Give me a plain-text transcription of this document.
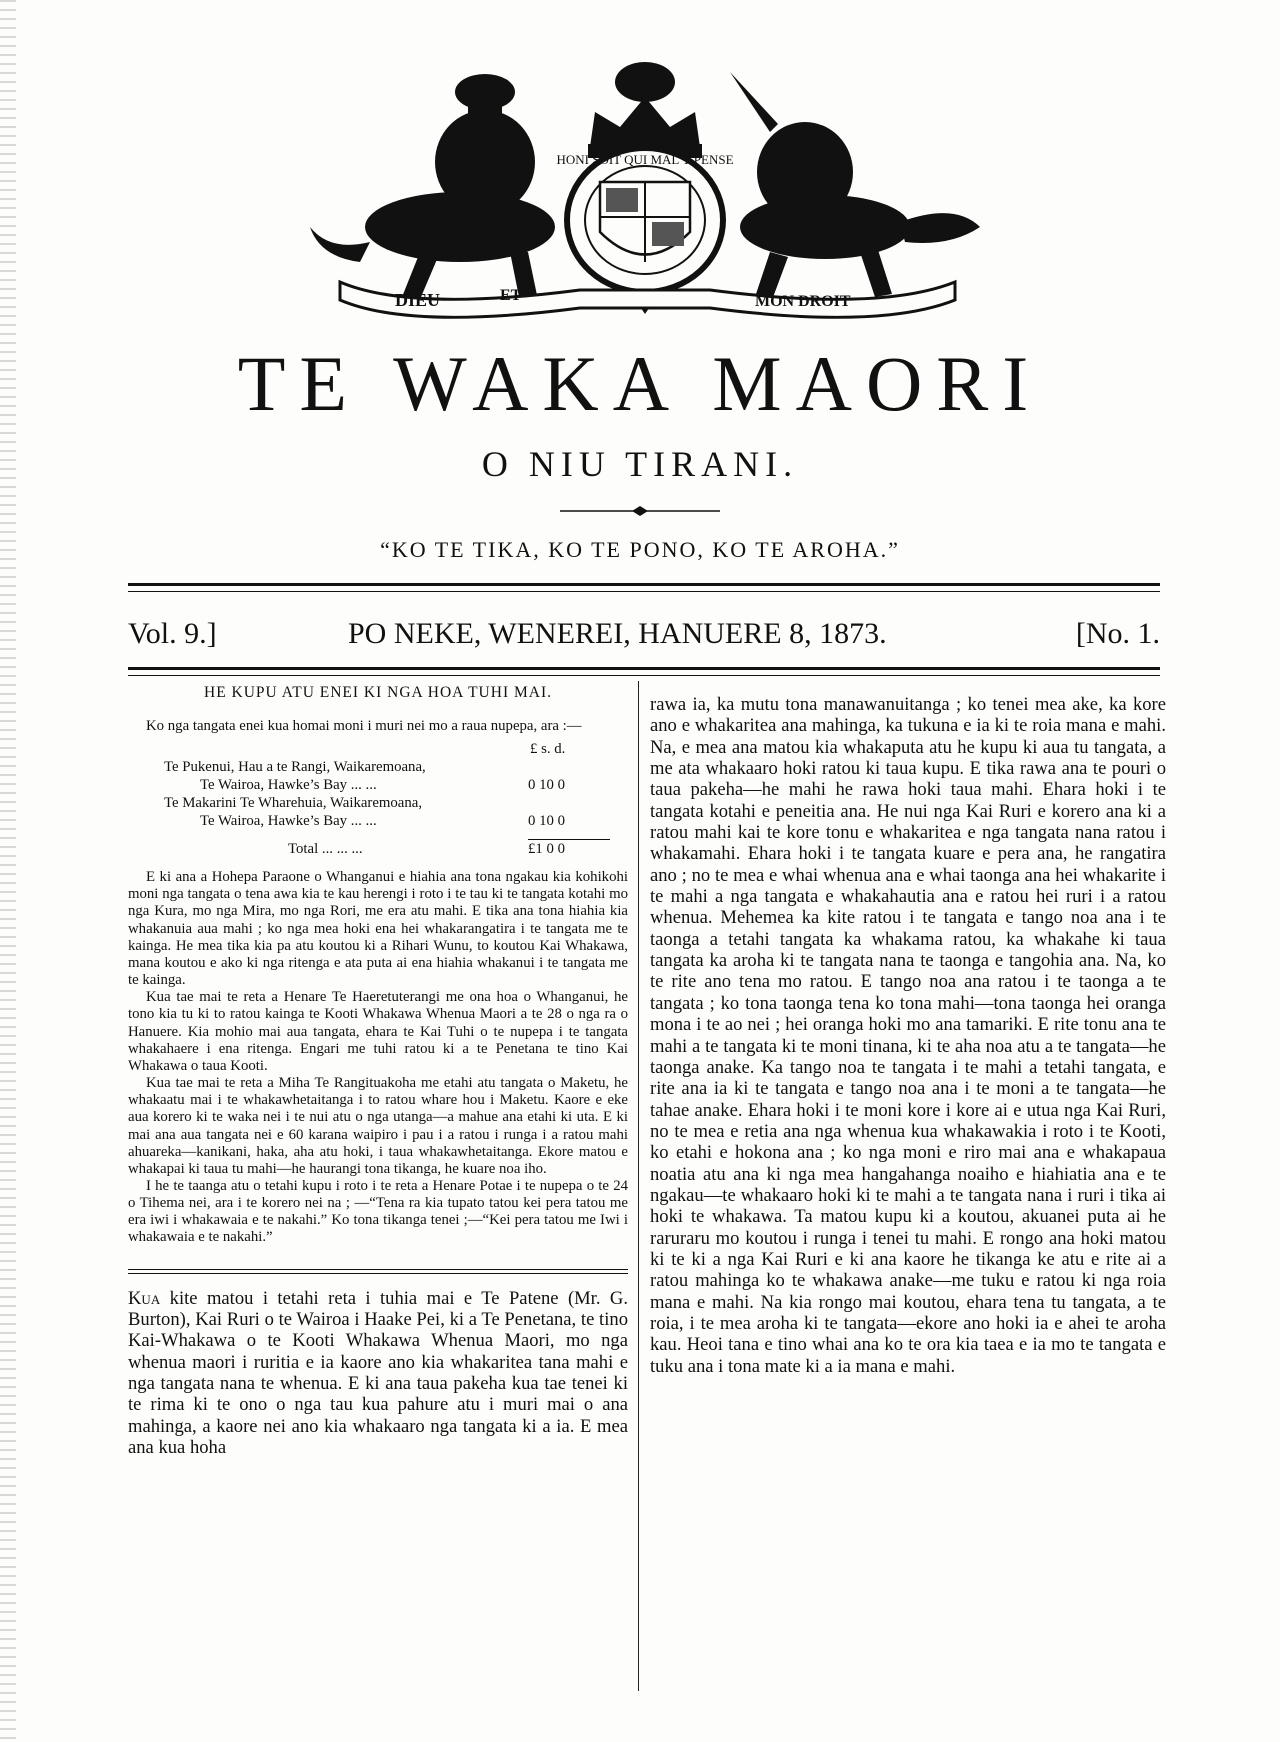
HONI SOIT QUI MAL Y PENSE
DIEU	ET	MON DROIT
TE WAKA MAORI
O NIU TIRANI.
“KO TE TIKA, KO TE PONO, KO TE AROHA.”
Vol. 9.]	PO NEKE, WENEREI, HANUERE 8, 1873.	[No. 1.
HE KUPU ATU ENEI KI NGA HOA TUHI MAI.

Ko nga tangata enei kua homai moni i muri nei mo a raua nupepa, ara :—

£ s. d.
Te Pukenui, Hau a te Rangi, Waikaremoana,
Te Wairoa, Hawke’s Bay ... ...	0 10 0
Te Makarini Te Wharehuia, Waikaremoana,
Te Wairoa, Hawke’s Bay ... ...	0 10 0
Total ... ... ...	£1 0 0

E ki ana a Hohepa Paraone o Whanganui e hiahia ana tona ngakau kia kohikohi moni nga tangata o tena awa kia te kau herengi i roto i te tau ki te tangata kotahi mo nga Kura, mo nga Mira, mo nga Rori, me era atu mahi. E tika ana tona hiahia kia whakanuia aua mahi ; ko nga mea hoki ena hei whakarangatira i te tangata me te kainga. He mea tika kia pa atu koutou ki a Rihari Wunu, to koutou Kai Whakawa, mana koutou e ako ki nga ritenga e ata puta ai ena hiahia whakanui i te tangata me te kainga.

Kua tae mai te reta a Henare Te Haeretuterangi me ona hoa o Whanganui, he tono kia tu ki to ratou kainga te Kooti Whakawa Whenua Maori a te 28 o nga ra o Hanuere. Kia mohio mai aua tangata, ehara te Kai Tuhi o te nupepa i te tangata whakahaere i ena ritenga. Engari me tuhi ratou ki a te Penetana te tino Kai Whakawa o taua Kooti.

Kua tae mai te reta a Miha Te Rangituakoha me etahi atu tangata o Maketu, he whakaatu mai i te whakawhetaitanga i to ratou whare hou i Maketu. Kaore e eke aua korero ki te waka nei i te nui atu o nga utanga—a mahue ana etahi ki uta. E ki mai ana aua tangata nei e 60 karana waipiro i pau i a ratou i runga i a ratou mahi ahuareka—kanikani, haka, aha atu hoki, i taua whakawhetaitanga. Ekore matou e whakapai ki taua tu mahi—he haurangi tona tikanga, he kuare noa iho.

I he te taanga atu o tetahi kupu i roto i te reta a Henare Potae i te nupepa o te 24 o Tihema nei, ara i te korero nei na ; —“Tena ra kia tupato tatou kei pera tatou me era iwi i whakawaia e te nakahi.” Ko tona tikanga tenei ;—“Kei pera tatou me Iwi i whakawaia e te nakahi.”

Kua kite matou i tetahi reta i tuhia mai e Te Patene (Mr. G. Burton), Kai Ruri o te Wairoa i Haake Pei, ki a Te Penetana, te tino Kai-Whakawa o te Kooti Whakawa Whenua Maori, mo nga whenua maori i ruritia e ia kaore ano kia whakaritea tana mahi e nga tangata nana te whenua. E ki ana taua pakeha kua tae tenei ki te rima ki te ono o nga tau kua pahure atu i muri mai o ana mahinga, a kaore nei ano kia whakaaro nga tangata ki a ia. E mea ana kua hoha

rawa ia, ka mutu tona manawanuitanga ; ko tenei mea ake, ka kore ano e whakaritea ana mahinga, ka tukuna e ia ki te roia mana e mahi. Na, e mea ana matou kia whakaputa atu he kupu ki aua tu tangata, a me ata whakaaro hoki ratou ki taua kupu. E tika rawa ana te pouri o taua pakeha—he mahi he rawa hoki taua mahi. Ehara hoki i te tangata kotahi e peneitia ana. He nui nga Kai Ruri e korero ana ki a ratou mahi kai te kore tonu e whakaritea e nga tangata nana ratou i whakamahi. Ehara hoki i te tangata kuare e pera ana, he rangatira ano ; no te mea e whai whenua ana e whai taonga ana hei whakarite i te mahi a nga tangata e whakahautia ana e ratou hei ruri i a ratou whenua. Mehemea ka kite ratou i te tangata e tango noa ana i te taonga a tetahi tangata ka whakama ratou, ka whakahe ki taua tangata ka aroha ki te tangata nana te taonga e tangohia ana. Na, ko te rite ano tena mo ratou. E tango noa ana ratou i te taonga a te tangata ; ko tona taonga tena ko tona mahi—tona taonga hei oranga mona i te ao nei ; hei oranga hoki mo ana tamariki. E rite tonu ana te mahi a te tangata ki te moni tinana, ki te aha noa atu a te tangata—he taonga anake. Ka tango noa te tangata i te mahi a tetahi tangata, e rite ana ia ki te tangata e tango noa ana i te moni a te tangata—he tahae anake. Ehara hoki i te moni kore i kore ai e utua nga Kai Ruri, no te mea e retia ana nga whenua kua whakawakia i roto i te Kooti, ko etahi e hokona ana ; ko nga moni e riro mai ana e whakapaua noatia atu ana ki nga mea hangahanga noaiho e hiahiatia ana e te ngakau—te whakaaro hoki ki te mahi a te tangata nana i ruri i tika ai hoki te whakawa. Ta matou kupu ki a koutou, akuanei puta ai he raruraru mo koutou i runga i tenei tu mahi. E rongo ana hoki matou ki te ki a nga Kai Ruri e ki ana kaore he tikanga ke atu e rite ai a ratou mahinga ko te whakawa anake—me tuku e ratou ki nga roia mana e mahi. Na kia rongo mai koutou, ehara tena tu tangata, a te roia, i te mea aroha ki te tangata—ekore ano hoki ia e ahei te aroha kau. Heoi tana e tino whai ana ko te ora kia taea e ia mo te tangata e tuku ana i tona mate ki a ia mana e mahi.
